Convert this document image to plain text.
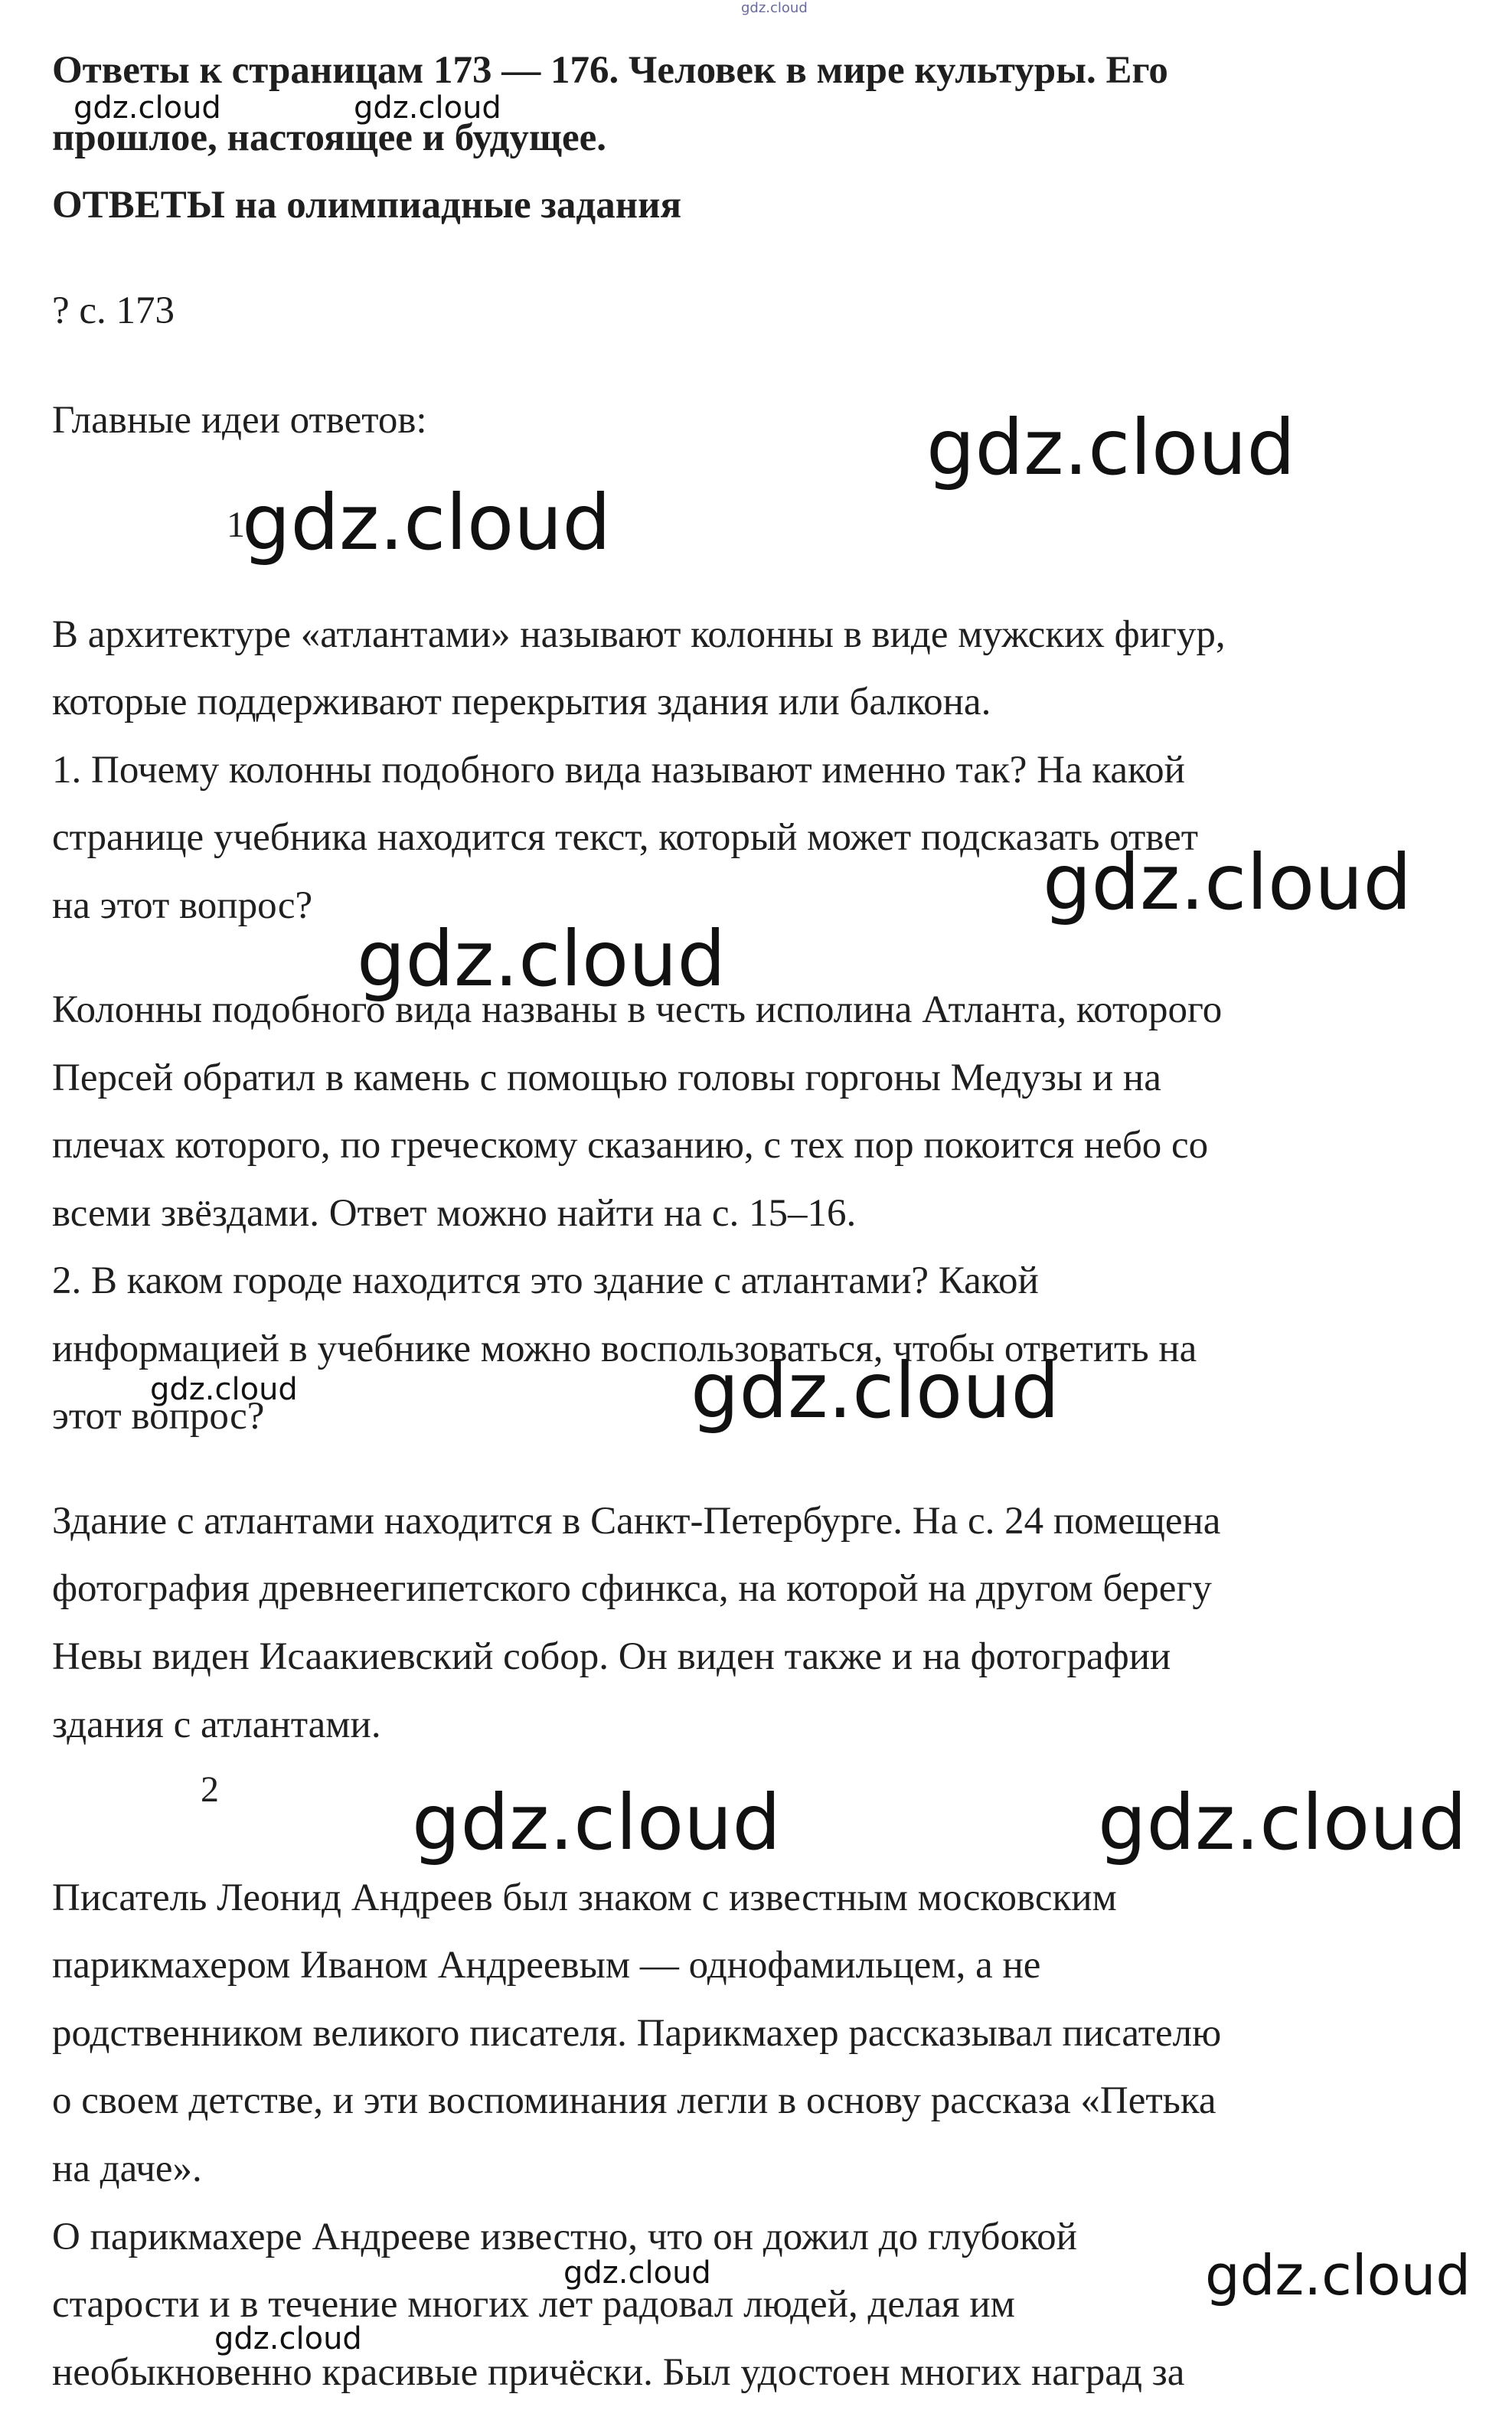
gdz.cloud
Ответы к страницам 173 — 176. Человек в мире культуры. Его
прошлое, настоящее и будущее.
ОТВЕТЫ на олимпиадные задания
? с. 173
Главные идеи ответов:
1
В архитектуре «атлантами» называют колонны в виде мужских фигур,
которые поддерживают перекрытия здания или балкона.
1. Почему колонны подобного вида называют именно так? На какой
странице учебника находится текст, который может подсказать ответ
на этот вопрос?
Колонны подобного вида названы в честь исполина Атланта, которого
Персей обратил в камень с помощью головы горгоны Медузы и на
плечах которого, по греческому сказанию, с тех пор покоится небо со
всеми звёздами. Ответ можно найти на с. 15–16.
2. В каком городе находится это здание с атлантами? Какой
информацией в учебнике можно воспользоваться, чтобы ответить на
этот вопрос?
Здание с атлантами находится в Санкт-Петербурге. На с. 24 помещена
фотография древнеегипетского сфинкса, на которой на другом берегу
Невы виден Исаакиевский собор. Он виден также и на фотографии
здания с атлантами.
2
Писатель Леонид Андреев был знаком с известным московским
парикмахером Иваном Андреевым — однофамильцем, а не
родственником великого писателя. Парикмахер рассказывал писателю
о своем детстве, и эти воспоминания легли в основу рассказа «Петька
на даче».
О парикмахере Андрееве известно, что он дожил до глубокой
старости и в течение многих лет радовал людей, делая им
необыкновенно красивые причёски. Был удостоен многих наград за
gdz.cloud	gdz.cloud
gdz.cloud
gdz.cloud
gdz.cloud
gdz.cloud
gdz.cloud	gdz.cloud
gdz.cloud	gdz.cloud
gdz.cloud	gdz.cloud
gdz.cloud
